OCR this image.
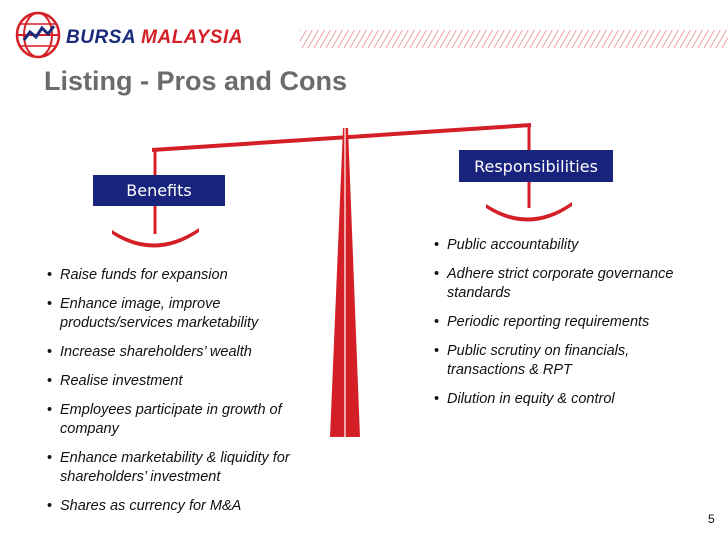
BURSA MALAYSIA
Listing - Pros and Cons
Benefits
Responsibilities
• Raise funds for expansion
• Enhance image, improve products/services marketability
• Increase shareholders’ wealth
• Realise investment
• Employees participate in growth of company
• Enhance marketability & liquidity for shareholders’ investment
• Shares as currency for M&A
• Public accountability
• Adhere strict corporate governance standards
• Periodic reporting requirements
• Public scrutiny on financials, transactions & RPT
• Dilution in equity & control
5
